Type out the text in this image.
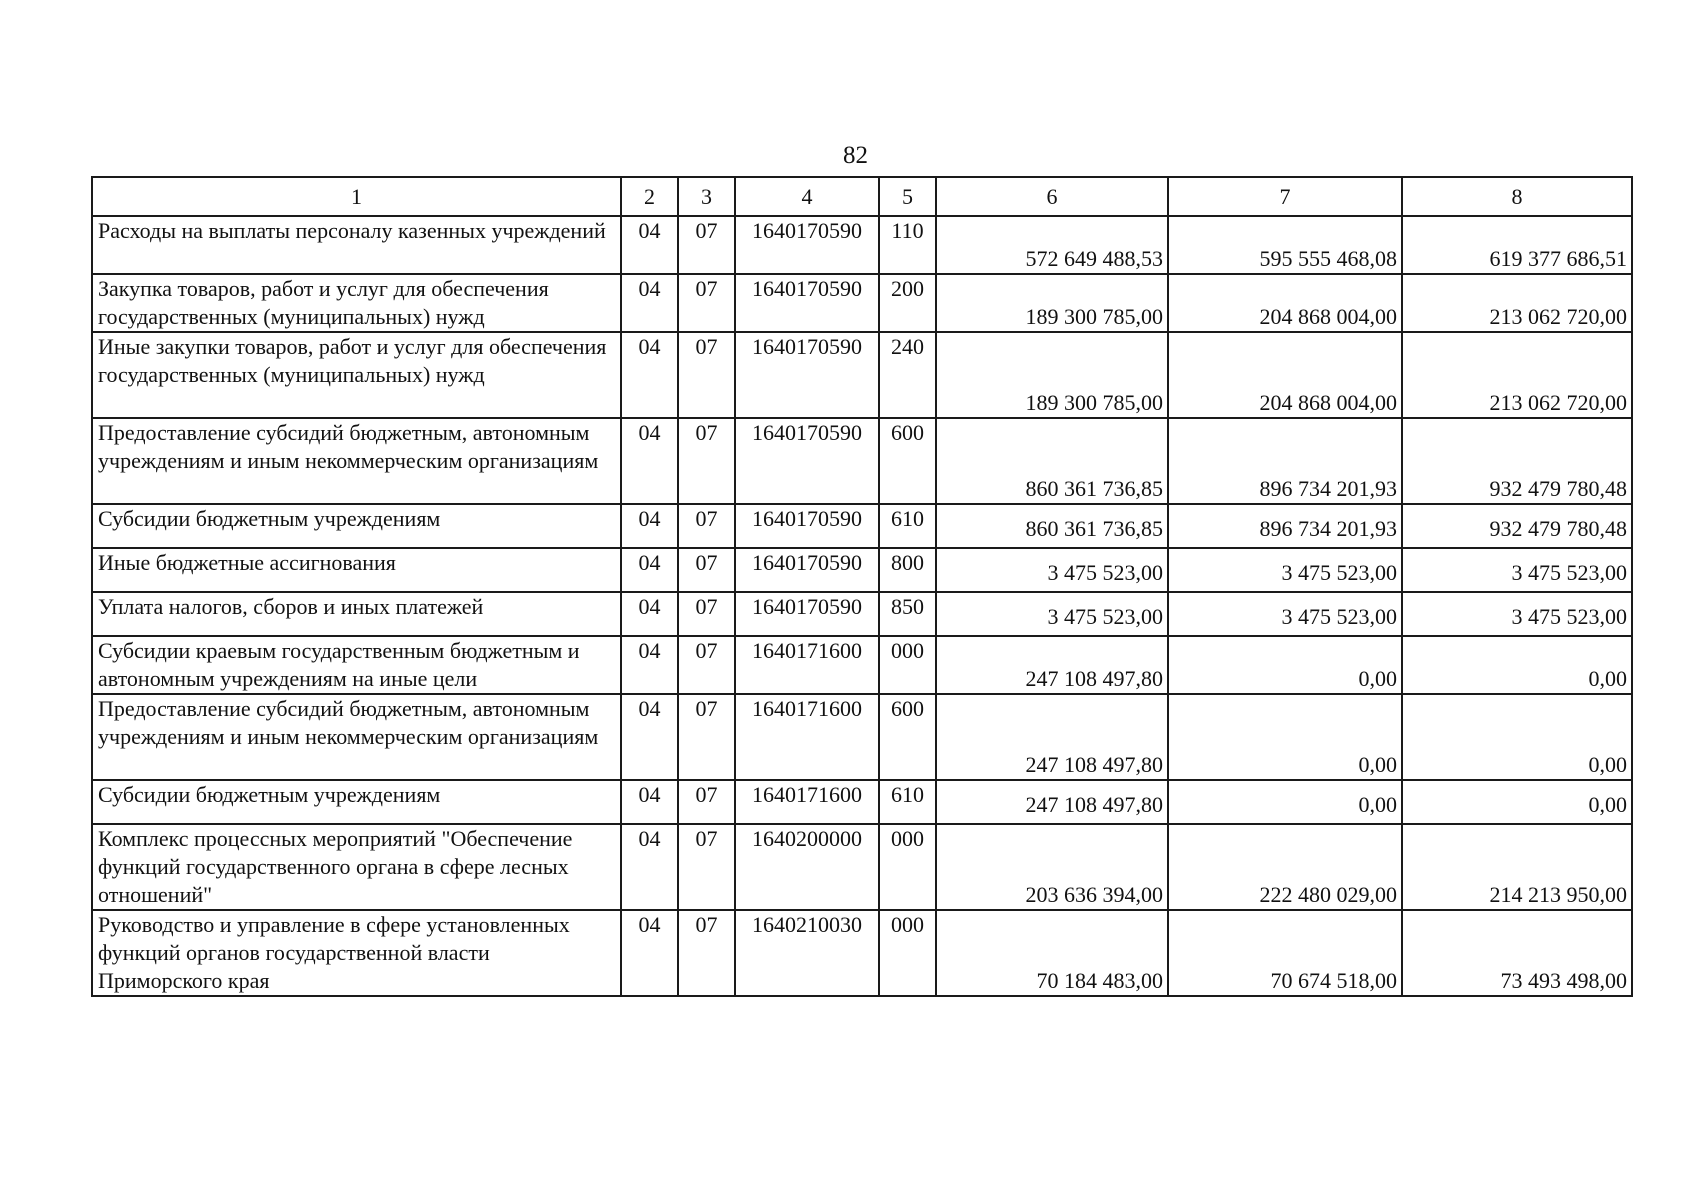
82
1	2	3	4	5	6	7	8
Расходы на выплаты персоналу казенных учреждений	04	07	1640170590	110	572 649 488,53	595 555 468,08	619 377 686,51
Закупка товаров, работ и услуг для обеспечения государственных (муниципальных) нужд	04	07	1640170590	200	189 300 785,00	204 868 004,00	213 062 720,00
Иные закупки товаров, работ и услуг для обеспечения государственных (муниципальных) нужд	04	07	1640170590	240	189 300 785,00	204 868 004,00	213 062 720,00
Предоставление субсидий бюджетным, автономным учреждениям и иным некоммерческим организациям	04	07	1640170590	600	860 361 736,85	896 734 201,93	932 479 780,48
Субсидии бюджетным учреждениям	04	07	1640170590	610	860 361 736,85	896 734 201,93	932 479 780,48
Иные бюджетные ассигнования	04	07	1640170590	800	3 475 523,00	3 475 523,00	3 475 523,00
Уплата налогов, сборов и иных платежей	04	07	1640170590	850	3 475 523,00	3 475 523,00	3 475 523,00
Субсидии краевым государственным бюджетным и автономным учреждениям на иные цели	04	07	1640171600	000	247 108 497,80	0,00	0,00
Предоставление субсидий бюджетным, автономным учреждениям и иным некоммерческим организациям	04	07	1640171600	600	247 108 497,80	0,00	0,00
Субсидии бюджетным учреждениям	04	07	1640171600	610	247 108 497,80	0,00	0,00
Комплекс процессных мероприятий "Обеспечение функций государственного органа в сфере лесных отношений"	04	07	1640200000	000	203 636 394,00	222 480 029,00	214 213 950,00
Руководство и управление в сфере установленных функций органов государственной власти Приморского края	04	07	1640210030	000	70 184 483,00	70 674 518,00	73 493 498,00
